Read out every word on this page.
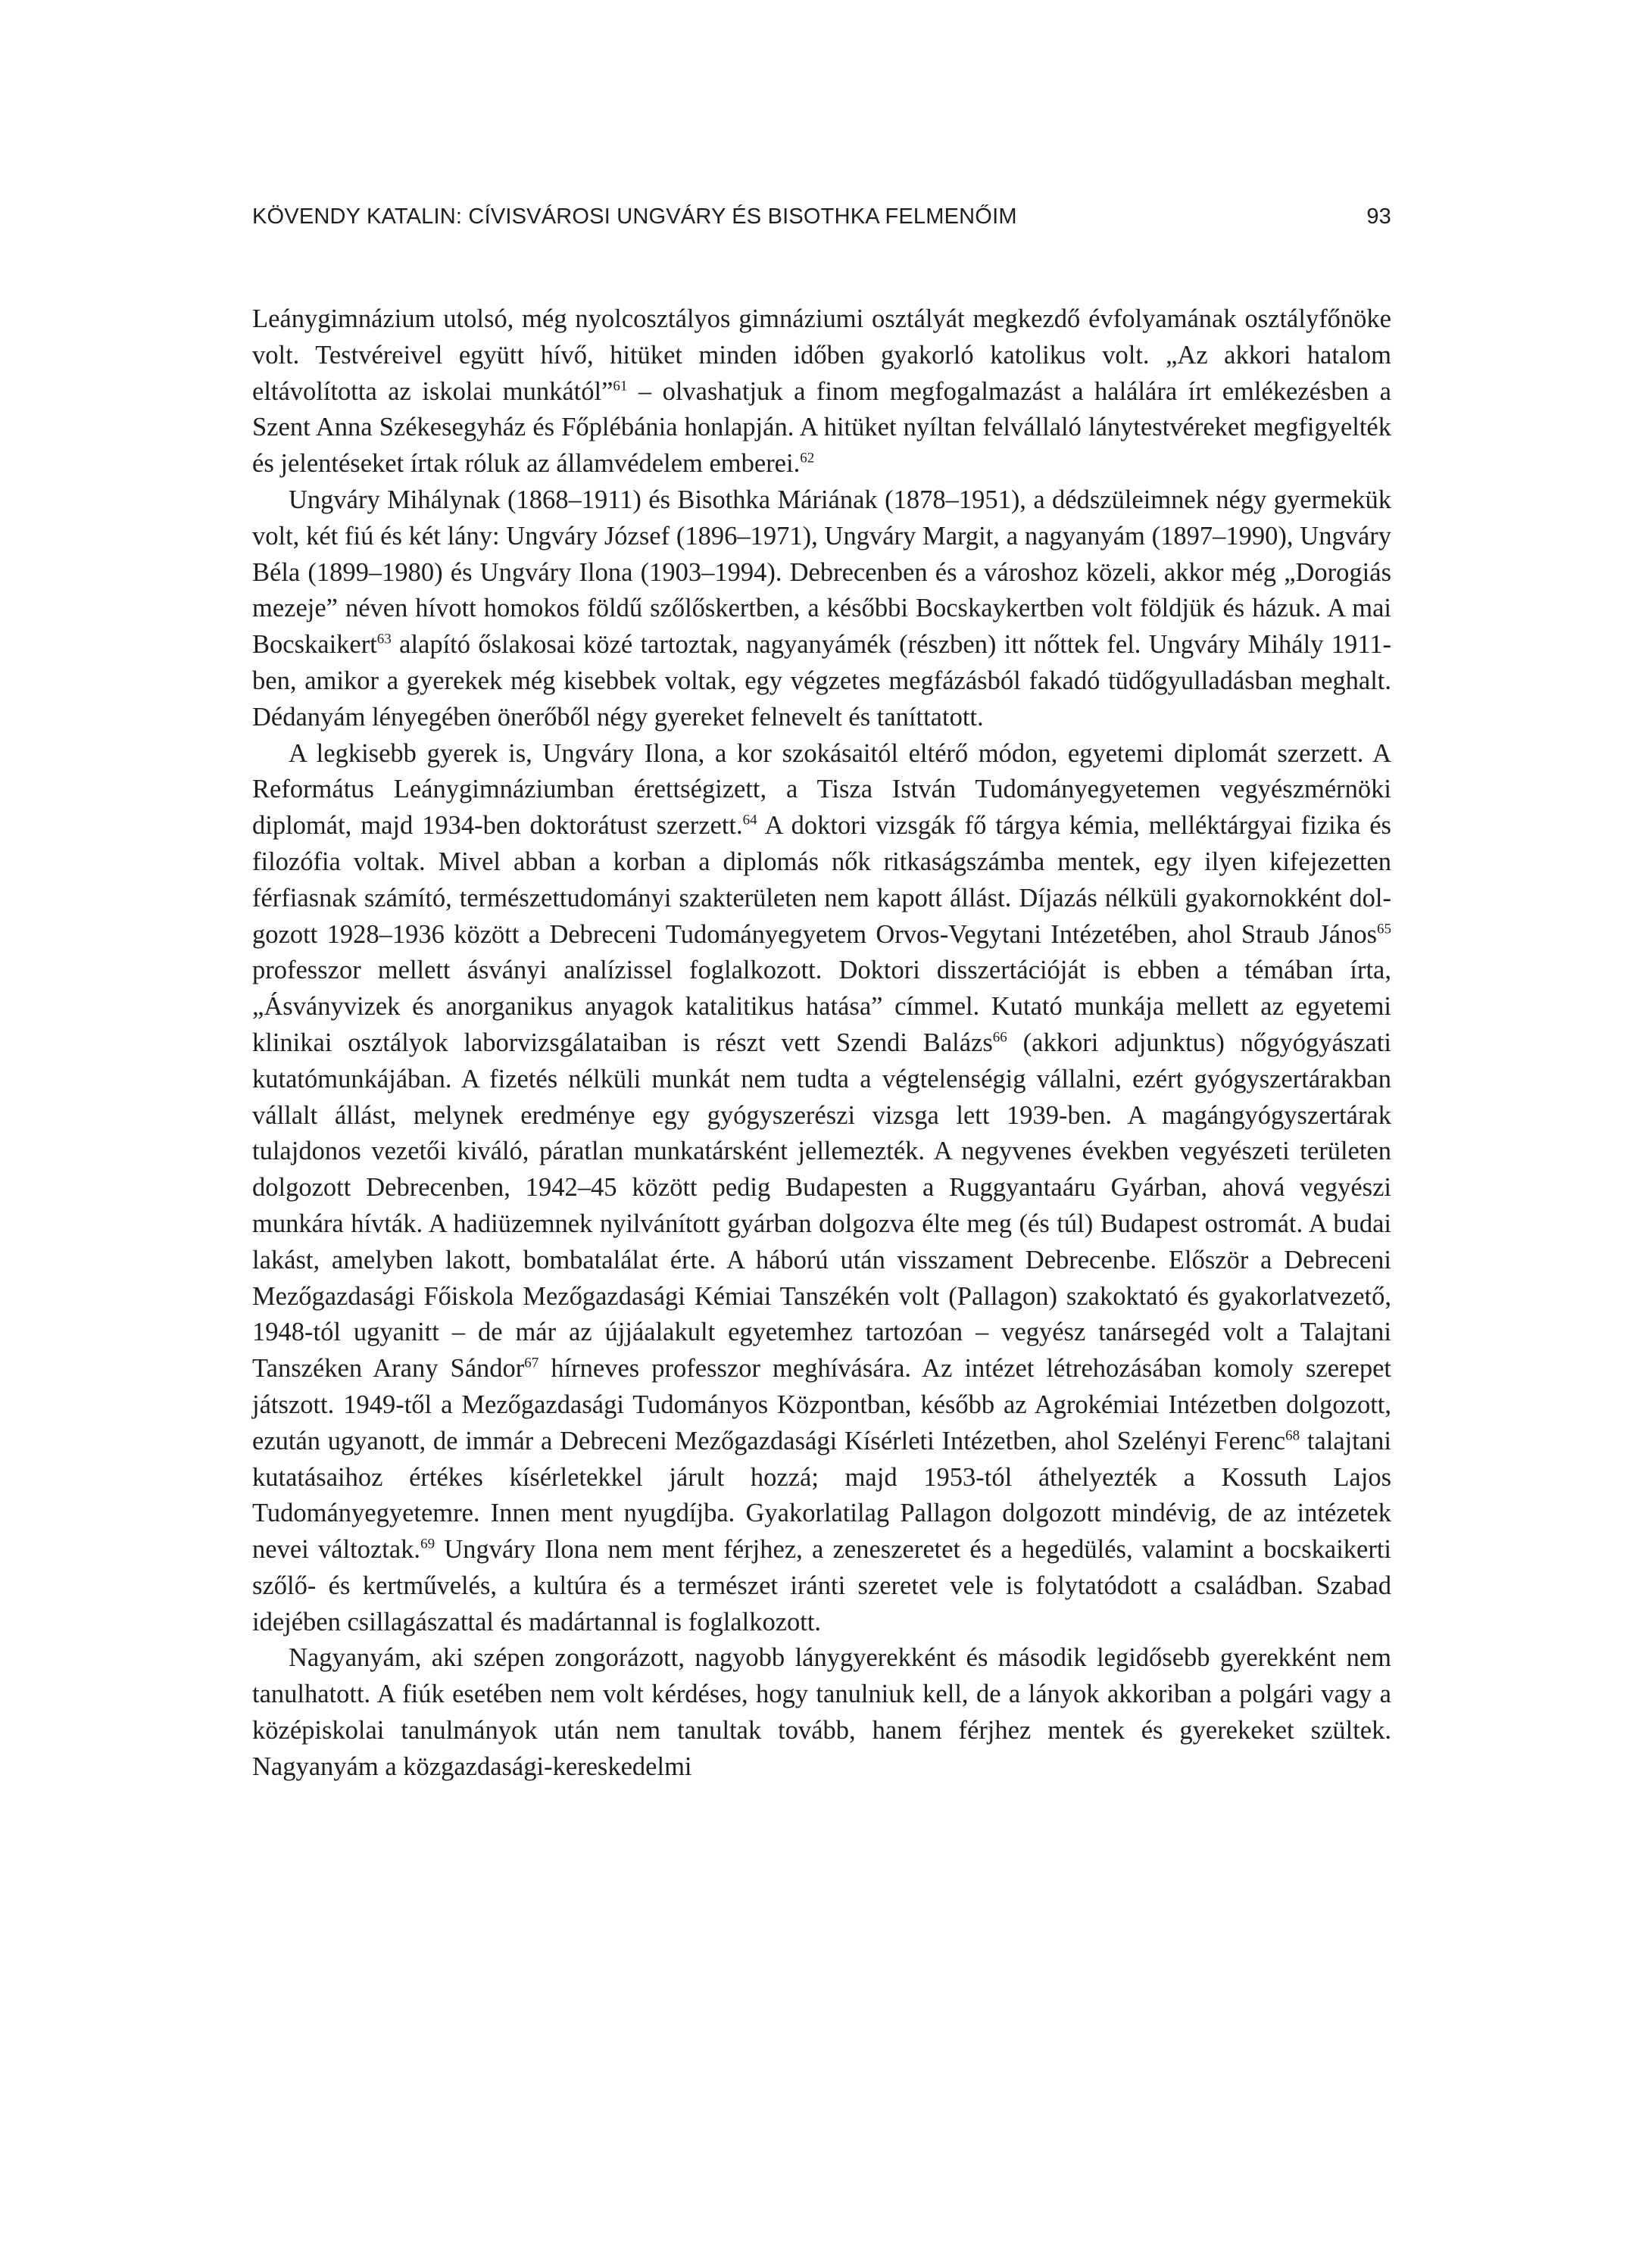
KÖVENDY KATALIN: CÍVISVÁROSI UNGVÁRY ÉS BISOTHKA FELMENŐIM	93

Leánygimnázium utolsó, még nyolcosztályos gimnáziumi osztályát megkezdő évfolyamának osztályfőnöke volt. Testvéreivel együtt hívő, hitüket minden időben gyakorló katolikus volt. „Az akkori hatalom eltávolította az iskolai munkától”$^{61}$ – olvashatjuk a finom megfogalmazást a halálára írt emlékezésben a Szent Anna Székesegyház és Főplébánia honlapján. A hitüket nyíltan felvállaló lánytestvéreket megfigyelték és jelentéseket írtak róluk az államvédelem emberei.$^{62}$

Ungváry Mihálynak (1868–1911) és Bisothka Máriának (1878–1951), a dédszüleimnek négy gyermekük volt, két fiú és két lány: Ungváry József (1896–1971), Ungváry Margit, a nagyanyám (1897–1990), Ungváry Béla (1899–1980) és Ungváry Ilona (1903–1994). Debrecenben és a városhoz közeli, akkor még „Dorogiás mezeje” néven hívott homokos földű szőlőskertben, a későbbi Bocskaykertben volt földjük és házuk. A mai Bocskaikert$^{63}$ alapító őslakosai közé tartoztak, nagyanyámék (részben) itt nőttek fel. Ungváry Mihály 1911-ben, amikor a gyerekek még kisebbek voltak, egy végzetes megfázásból fakadó tüdőgyulladásban meghalt. Dédanyám lényegében önerőből négy gyereket felnevelt és taníttatott.

A legkisebb gyerek is, Ungváry Ilona, a kor szokásaitól eltérő módon, egyetemi diplomát szerzett. A Református Leánygimnáziumban érettségizett, a Tisza István Tudományegyetemen vegyészmérnöki diplomát, majd 1934-ben doktorátust szerzett.$^{64}$ A doktori vizsgák fő tárgya kémia, melléktárgyai fizika és filozófia voltak. Mivel abban a korban a diplomás nők ritkaságszámba mentek, egy ilyen kifejezetten férfiasnak számító, természettudományi szakterületen nem kapott állást. Díjazás nélküli gyakornokként dolgozott 1928–1936 között a Debreceni Tudományegyetem Orvos-Vegytani Intézetében, ahol Straub János$^{65}$ professzor mellett ásványi analízissel foglalkozott. Doktori disszertációját is ebben a témában írta, „Ásványvizek és anorganikus anyagok katalitikus hatása” címmel. Kutató munkája mellett az egyetemi klinikai osztályok laborvizsgálataiban is részt vett Szendi Balázs$^{66}$ (akkori adjunktus) nőgyógyászati kutatómunkájában. A fizetés nélküli munkát nem tudta a végtelenségig vállalni, ezért gyógyszertárakban vállalt állást, melynek eredménye egy gyógyszerészi vizsga lett 1939-ben. A magángyógyszertárak tulajdonos vezetői kiváló, páratlan munkatársként jellemezték. A negyvenes években vegyészeti területen dolgozott Debrecenben, 1942–45 között pedig Budapesten a Ruggyantaáru Gyárban, ahová vegyészi munkára hívták. A hadiüzemnek nyilvánított gyárban dolgozva élte meg (és túl) Budapest ostromát. A budai lakást, amelyben lakott, bombatalálat érte. A háború után visszament Debrecenbe. Először a Debreceni Mezőgazdasági Főiskola Mezőgazdasági Kémiai Tanszékén volt (Pallagon) szakoktató és gyakorlatvezető, 1948-tól ugyanitt – de már az újjáalakult egyetemhez tartozóan – vegyész tanársegéd volt a Talajtani Tanszéken Arany Sándor$^{67}$ hírneves professzor meghívására. Az intézet létrehozásában komoly szerepet játszott. 1949-től a Mezőgazdasági Tudományos Központban, később az Agrokémiai Intézetben dolgozott, ezután ugyanott, de immár a Debreceni Mezőgazdasági Kísérleti Intézetben, ahol Szelényi Ferenc$^{68}$ talajtani kutatásaihoz értékes kísérletekkel járult hozzá; majd 1953-tól áthelyezték a Kossuth Lajos Tudományegyetemre. Innen ment nyugdíjba. Gyakorlatilag Pallagon dolgozott mindévig, de az intézetek nevei változtak.$^{69}$ Ungváry Ilona nem ment férjhez, a zeneszeretet és a hegedülés, valamint a bocskaikerti szőlő- és kertművelés, a kultúra és a természet iránti szeretet vele is folytatódott a családban. Szabad idejében csillagászattal és madártannal is foglalkozott.

Nagyanyám, aki szépen zongorázott, nagyobb lánygyerekként és második legidősebb gyerekként nem tanulhatott. A fiúk esetében nem volt kérdéses, hogy tanulniuk kell, de a lányok akkoriban a polgári vagy a középiskolai tanulmányok után nem tanultak tovább, hanem férjhez mentek és gyerekeket szültek. Nagyanyám a közgazdasági-kereskedelmi
